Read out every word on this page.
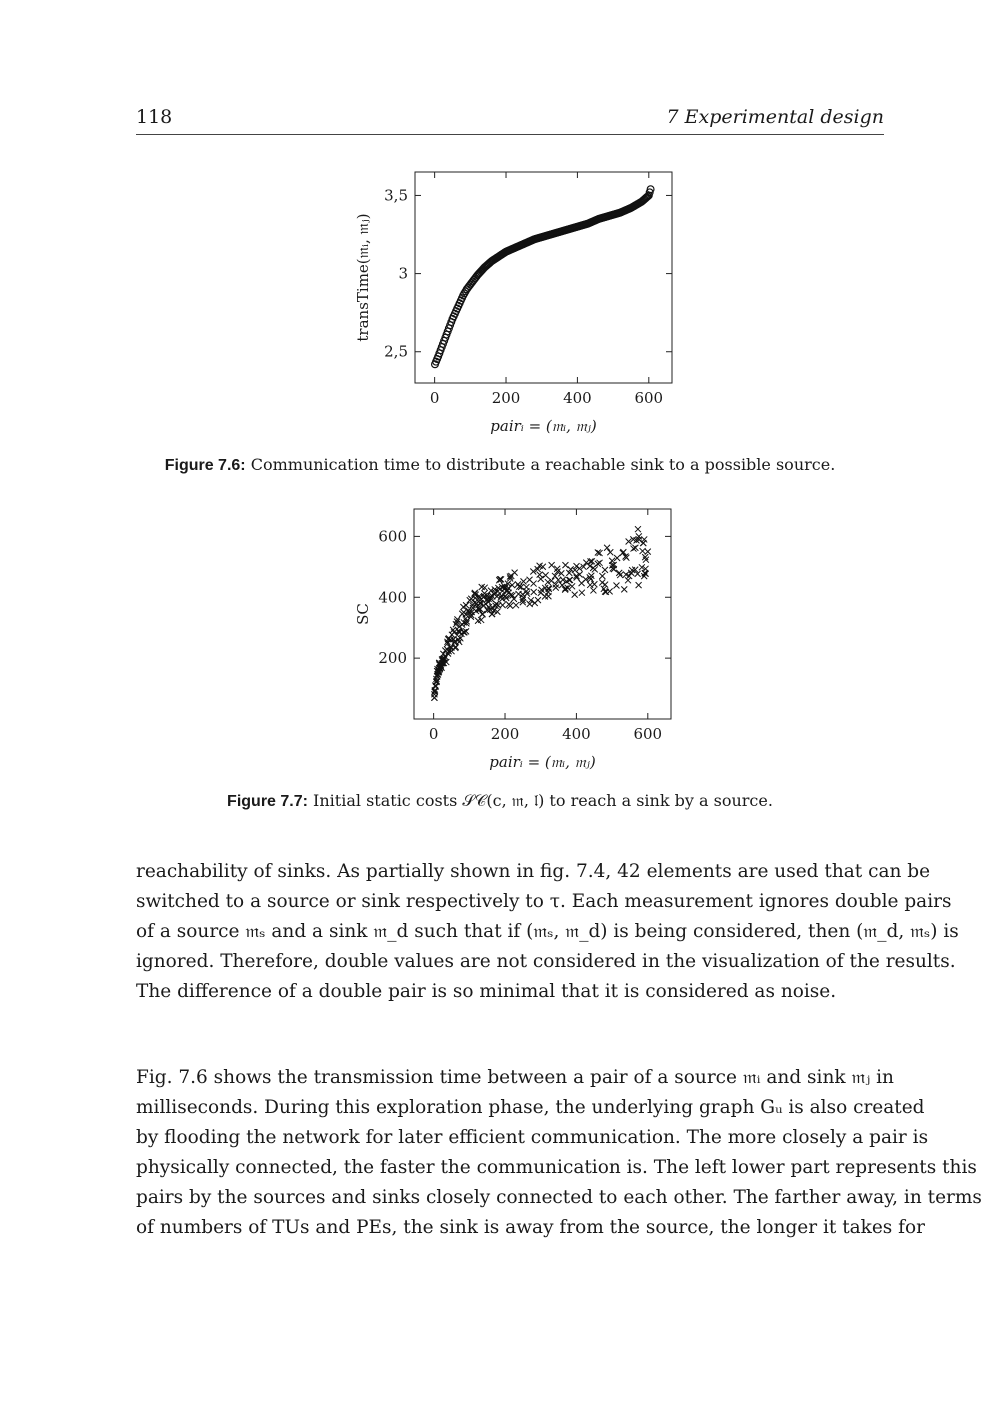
118	7 Experimental design
0	200	400	600
2,5
3
3,5
pairᵢ = (𝔪ᵢ, 𝔪ⱼ)
transTime(𝔪ᵢ, 𝔪ⱼ)
Figure 7.6: Communication time to distribute a reachable sink to a possible source.
0	200	400	600
200
400
600
pairᵢ = (𝔪ᵢ, 𝔪ⱼ)
SC
Figure 7.7: Initial static costs 𝒮𝒞(c, 𝔪, 𝔩) to reach a sink by a source.
reachability of sinks. As partially shown in fig. 7.4, 42 elements are used that can be
switched to a source or sink respectively to τ. Each measurement ignores double pairs
of a source 𝔪ₛ and a sink 𝔪_d such that if (𝔪ₛ, 𝔪_d) is being considered, then (𝔪_d, 𝔪ₛ) is
ignored. Therefore, double values are not considered in the visualization of the results.
The difference of a double pair is so minimal that it is considered as noise.
Fig. 7.6 shows the transmission time between a pair of a source 𝔪ᵢ and sink 𝔪ⱼ in
milliseconds. During this exploration phase, the underlying graph Gᵤ is also created
by flooding the network for later efficient communication. The more closely a pair is
physically connected, the faster the communication is. The left lower part represents this
pairs by the sources and sinks closely connected to each other. The farther away, in terms
of numbers of TUs and PEs, the sink is away from the source, the longer it takes for
